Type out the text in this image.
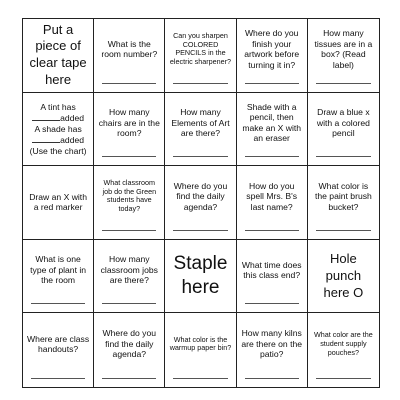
Put a piece of clear tape here
What is the room number?
Can you sharpen COLORED PENCILS in the electric sharpener?
Where do you finish your artwork before turning it in?
How many tissues are in a box? (Read label)
A tint has
added
A shade has
added
(Use the chart)
How many chairs are in the room?
How many Elements of Art are there?
Shade with a pencil, then make an X with an eraser
Draw a blue x with a colored pencil
Draw an X with a red marker
What classroom job do the Green students have today?
Where do you find the daily agenda?
How do you spell Mrs. B's last name?
What color is the paint brush bucket?
What is one type of plant in the room
How many classroom jobs are there?
Staple here
What time does this class end?
Hole punch here O
Where are class handouts?
Where do you find the daily agenda?
What color is the warmup paper bin?
How many kilns are there on the patio?
What color are the student supply pouches?
